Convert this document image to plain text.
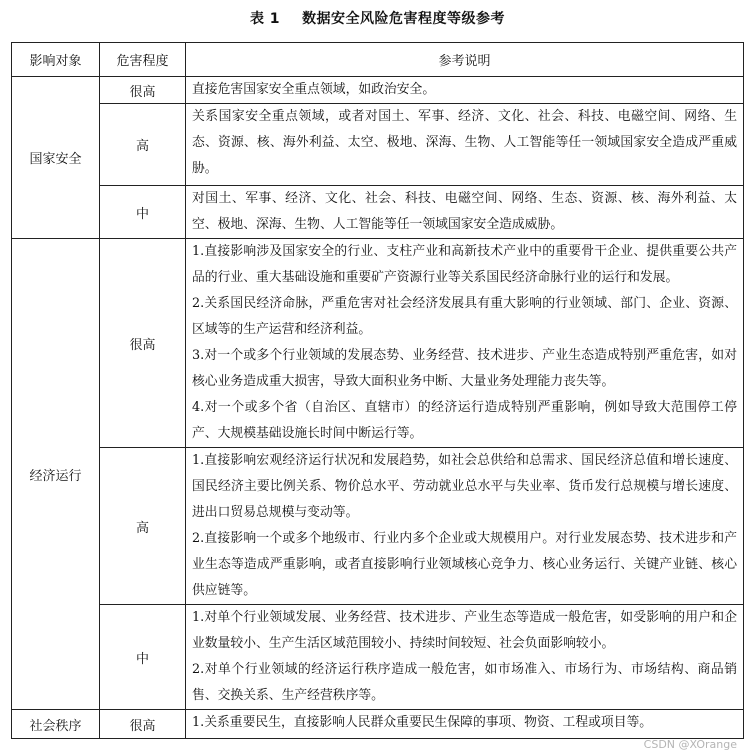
表 1 数据安全风险危害程度等级参考
影响对象	危害程度	参考说明
国家安全	很高	直接危害国家安全重点领域，如政治安全。

	高	关系国家安全重点领域，或者对国土、军事、经济、文化、社会、科技、电磁空间、网络、生态、资源、核、海外利益、太空、极地、深海、生物、人工智能等任一领域国家安全造成严重威胁。

	中	对国土、军事、经济、文化、社会、科技、电磁空间、网络、生态、资源、核、海外利益、太空、极地、深海、生物、人工智能等任一领域国家安全造成威胁。

经济运行	很高	1.直接影响涉及国家安全的行业、支柱产业和高新技术产业中的重要骨干企业、提供重要公共产品的行业、重大基础设施和重要矿产资源行业等关系国民经济命脉行业的运行和发展。

2.关系国民经济命脉，严重危害对社会经济发展具有重大影响的行业领域、部门、企业、资源、区域等的生产运营和经济利益。

3.对一个或多个行业领域的发展态势、业务经营、技术进步、产业生态造成特别严重危害，如对核心业务造成重大损害，导致大面积业务中断、大量业务处理能力丧失等。

4.对一个或多个省（自治区、直辖市）的经济运行造成特别严重影响，例如导致大范围停工停产、大规模基础设施长时间中断运行等。

	高	1.直接影响宏观经济运行状况和发展趋势，如社会总供给和总需求、国民经济总值和增长速度、国民经济主要比例关系、物价总水平、劳动就业总水平与失业率、货币发行总规模与增长速度、进出口贸易总规模与变动等。

2.直接影响一个或多个地级市、行业内多个企业或大规模用户。对行业发展态势、技术进步和产业生态等造成严重影响，或者直接影响行业领域核心竞争力、核心业务运行、关键产业链、核心供应链等。

	中	1.对单个行业领域发展、业务经营、技术进步、产业生态等造成一般危害，如受影响的用户和企业数量较小、生产生活区域范围较小、持续时间较短、社会负面影响较小。

2.对单个行业领域的经济运行秩序造成一般危害，如市场准入、市场行为、市场结构、商品销售、交换关系、生产经营秩序等。

社会秩序	很高	1.关系重要民生，直接影响人民群众重要民生保障的事项、物资、工程或项目等。

CSDN @XOrange
